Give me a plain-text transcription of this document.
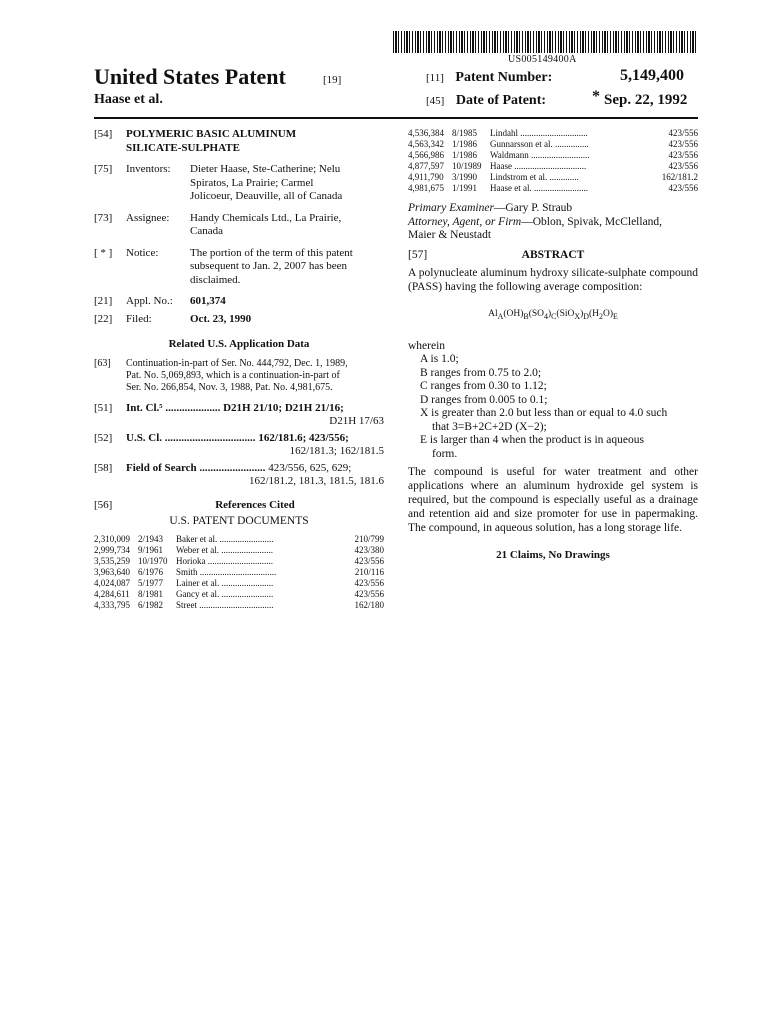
US005149400A
United States Patent	[19]
Haase et al.
[11] Patent Number:	5,149,400
[45] Date of Patent:	* Sep. 22, 1992
[54]	POLYMERIC BASIC ALUMINUM
SILICATE-SULPHATE
[75]	Inventors:	Dieter Haase, Ste-Catherine; Nelu
Spiratos, La Prairie; Carmel
Jolicoeur, Deauville, all of Canada
[73]	Assignee:	Handy Chemicals Ltd., La Prairie,
Canada
[ * ]	Notice:	The portion of the term of this patent
subsequent to Jan. 2, 2007 has been
disclaimed.
[21]	Appl. No.:	601,374
[22]	Filed:	Oct. 23, 1990
Related U.S. Application Data
[63]	Continuation-in-part of Ser. No. 444,792, Dec. 1, 1989,
Pat. No. 5,069,893, which is a continuation-in-part of
Ser. No. 266,854, Nov. 3, 1988, Pat. No. 4,981,675.
[51]	Int. Cl.⁵ .................... D21H 21/10; D21H 21/16;

D21H 17/63
[52]	U.S. Cl. ................................. 162/181.6; 423/556;

162/181.3; 162/181.5
[58]	Field of Search ........................ 423/556, 625, 629;

162/181.2, 181.3, 181.5, 181.6
[56]	References Cited
U.S. PATENT DOCUMENTS
2,310,009 2/1943	Baker et al. ........................	210/799
2,999,734 9/1961	Weber et al. .......................	423/380
3,535,259 10/1970 Horioka .............................	423/556
3,963,640 6/1976	Smith ..................................	210/116
4,024,087 5/1977	Lainer et al. .......................	423/556
4,284,611 8/1981	Gancy et al. .......................	423/556
4,333,795 6/1982	Street .................................	162/180
4,536,384 8/1985	Lindahl ..............................	423/556
4,563,342 1/1986	Gunnarsson et al. ...............	423/556
4,566,986 1/1986	Waldmann ..........................	423/556
4,877,597 10/1989 Haase ................................	423/556
4,911,790 3/1990	Lindstrom et al. .............	162/181.2
4,981,675 1/1991	Haase et al. ........................	423/556
Primary Examiner—Gary P. Straub
Attorney, Agent, or Firm—Oblon, Spivak, McClelland,
Maier & Neustadt
[57]	ABSTRACT
A polynucleate aluminum hydroxy silicate-sulphate compound (PASS) having the following average composition:
$Al_A(OH)_B(SO_4)_C(SiO_X)_D(H_2O)_E$
wherein
A is 1.0;
B ranges from 0.75 to 2.0;
C ranges from 0.30 to 1.12;
D ranges from 0.005 to 0.1;
X is greater than 2.0 but less than or equal to 4.0 such
that 3=B+2C+2D (X−2);
E is larger than 4 when the product is in aqueous
form.
The compound is useful for water treatment and other applications where an aluminum hydroxide gel system is required, but the compound is especially useful as a drainage and retention aid and size promoter for use in papermaking. The compound, in aqueous solution, has a long storage life.
21 Claims, No Drawings
